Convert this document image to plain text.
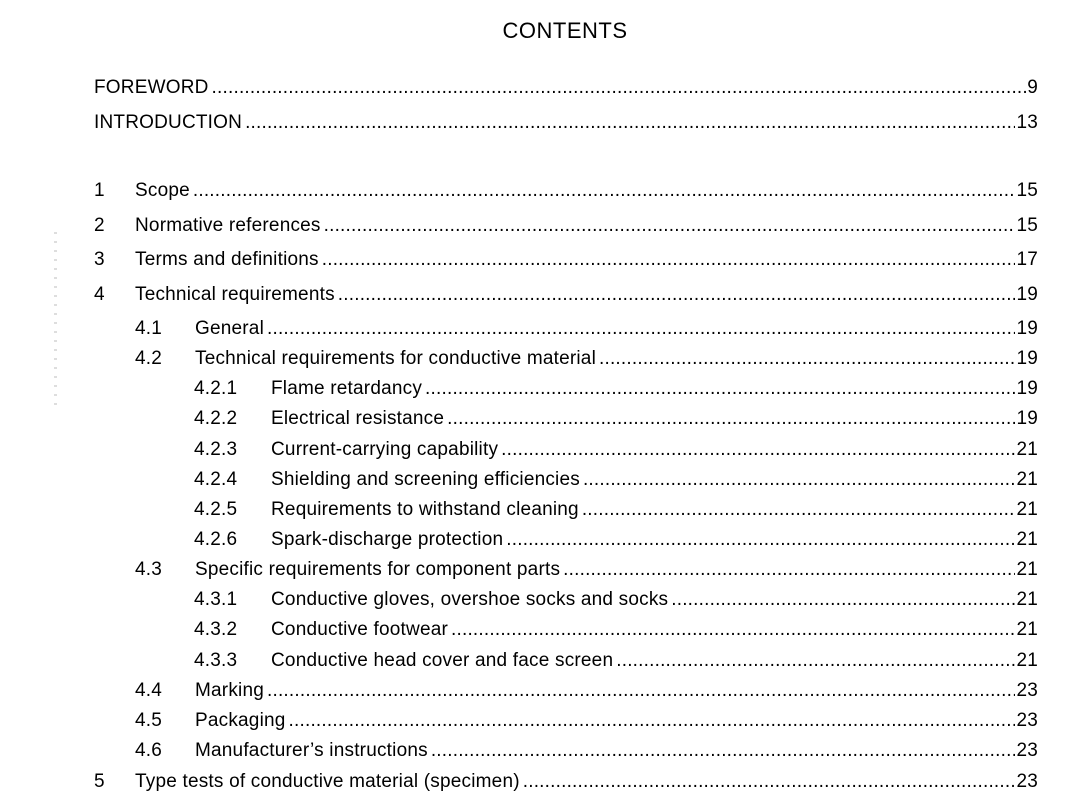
CONTENTS
FOREWORD .....	9
INTRODUCTION .....	13
1	Scope .....	15
2	Normative references .....	15
3	Terms and definitions .....	17
4	Technical requirements .....	19
4.1	General .....	19
4.2	Technical requirements for conductive material .....	19
4.2.1	Flame retardancy .....	19
4.2.2	Electrical resistance .....	19
4.2.3	Current-carrying capability .....	21
4.2.4	Shielding and screening efficiencies .....	21
4.2.5	Requirements to withstand cleaning .....	21
4.2.6	Spark-discharge protection .....	21
4.3	Specific requirements for component parts .....	21
4.3.1	Conductive gloves, overshoe socks and socks .....	21
4.3.2	Conductive footwear .....	21
4.3.3	Conductive head cover and face screen .....	21
4.4	Marking .....	23
4.5	Packaging .....	23
4.6	Manufacturer’s instructions .....	23
5	Type tests of conductive material (specimen) .....	23
